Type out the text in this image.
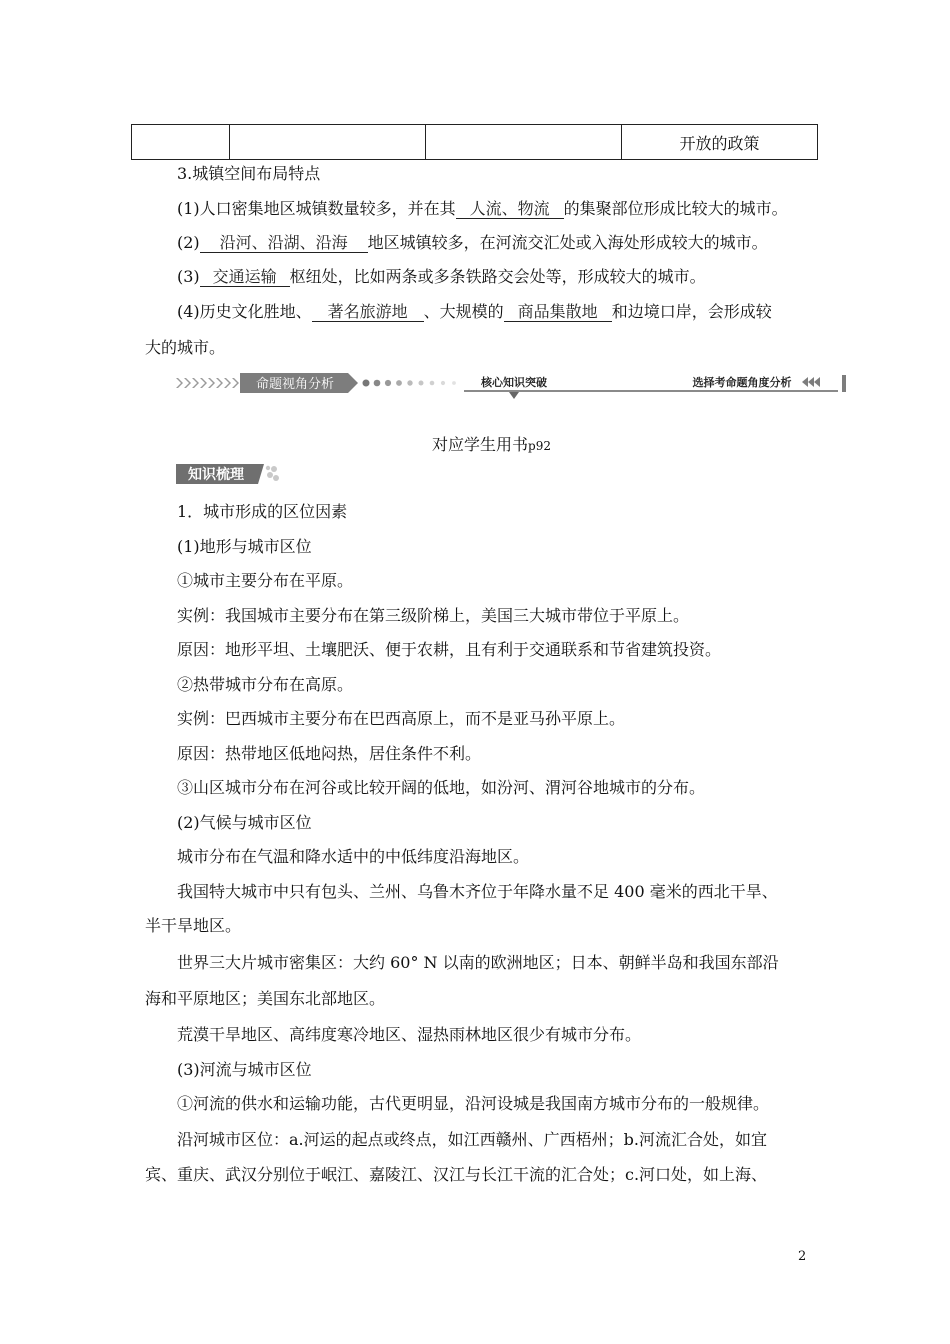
			开放的政策
3.城镇空间布局特点
(1)人口密集地区城镇数量较多，并在其 人流、物流 的集聚部位形成比较大的城市。
(2) 沿河、沿湖、沿海 地区城镇较多，在河流交汇处或入海处形成较大的城市。
(3) 交通运输 枢纽处，比如两条或多条铁路交会处等，形成较大的城市。
(4)历史文化胜地、 著名旅游地 、大规模的 商品集散地 和边境口岸，会形成较
大的城市。
命题视角分析	核心知识突破	选择考命题角度分析
对应学生用书p92
知识梳理
1．城市形成的区位因素
(1)地形与城市区位
①城市主要分布在平原。
实例：我国城市主要分布在第三级阶梯上，美国三大城市带位于平原上。
原因：地形平坦、土壤肥沃、便于农耕，且有利于交通联系和节省建筑投资。
②热带城市分布在高原。
实例：巴西城市主要分布在巴西高原上，而不是亚马孙平原上。
原因：热带地区低地闷热，居住条件不利。
③山区城市分布在河谷或比较开阔的低地，如汾河、渭河谷地城市的分布。
(2)气候与城市区位
城市分布在气温和降水适中的中低纬度沿海地区。
我国特大城市中只有包头、兰州、乌鲁木齐位于年降水量不足 400 毫米的西北干旱、
半干旱地区。
世界三大片城市密集区：大约 60° N 以南的欧洲地区；日本、朝鲜半岛和我国东部沿
海和平原地区；美国东北部地区。
荒漠干旱地区、高纬度寒冷地区、湿热雨林地区很少有城市分布。
(3)河流与城市区位
①河流的供水和运输功能，古代更明显，沿河设城是我国南方城市分布的一般规律。
沿河城市区位：a.河运的起点或终点，如江西赣州、广西梧州；b.河流汇合处，如宜
宾、重庆、武汉分别位于岷江、嘉陵江、汉江与长江干流的汇合处；c.河口处，如上海、
2
